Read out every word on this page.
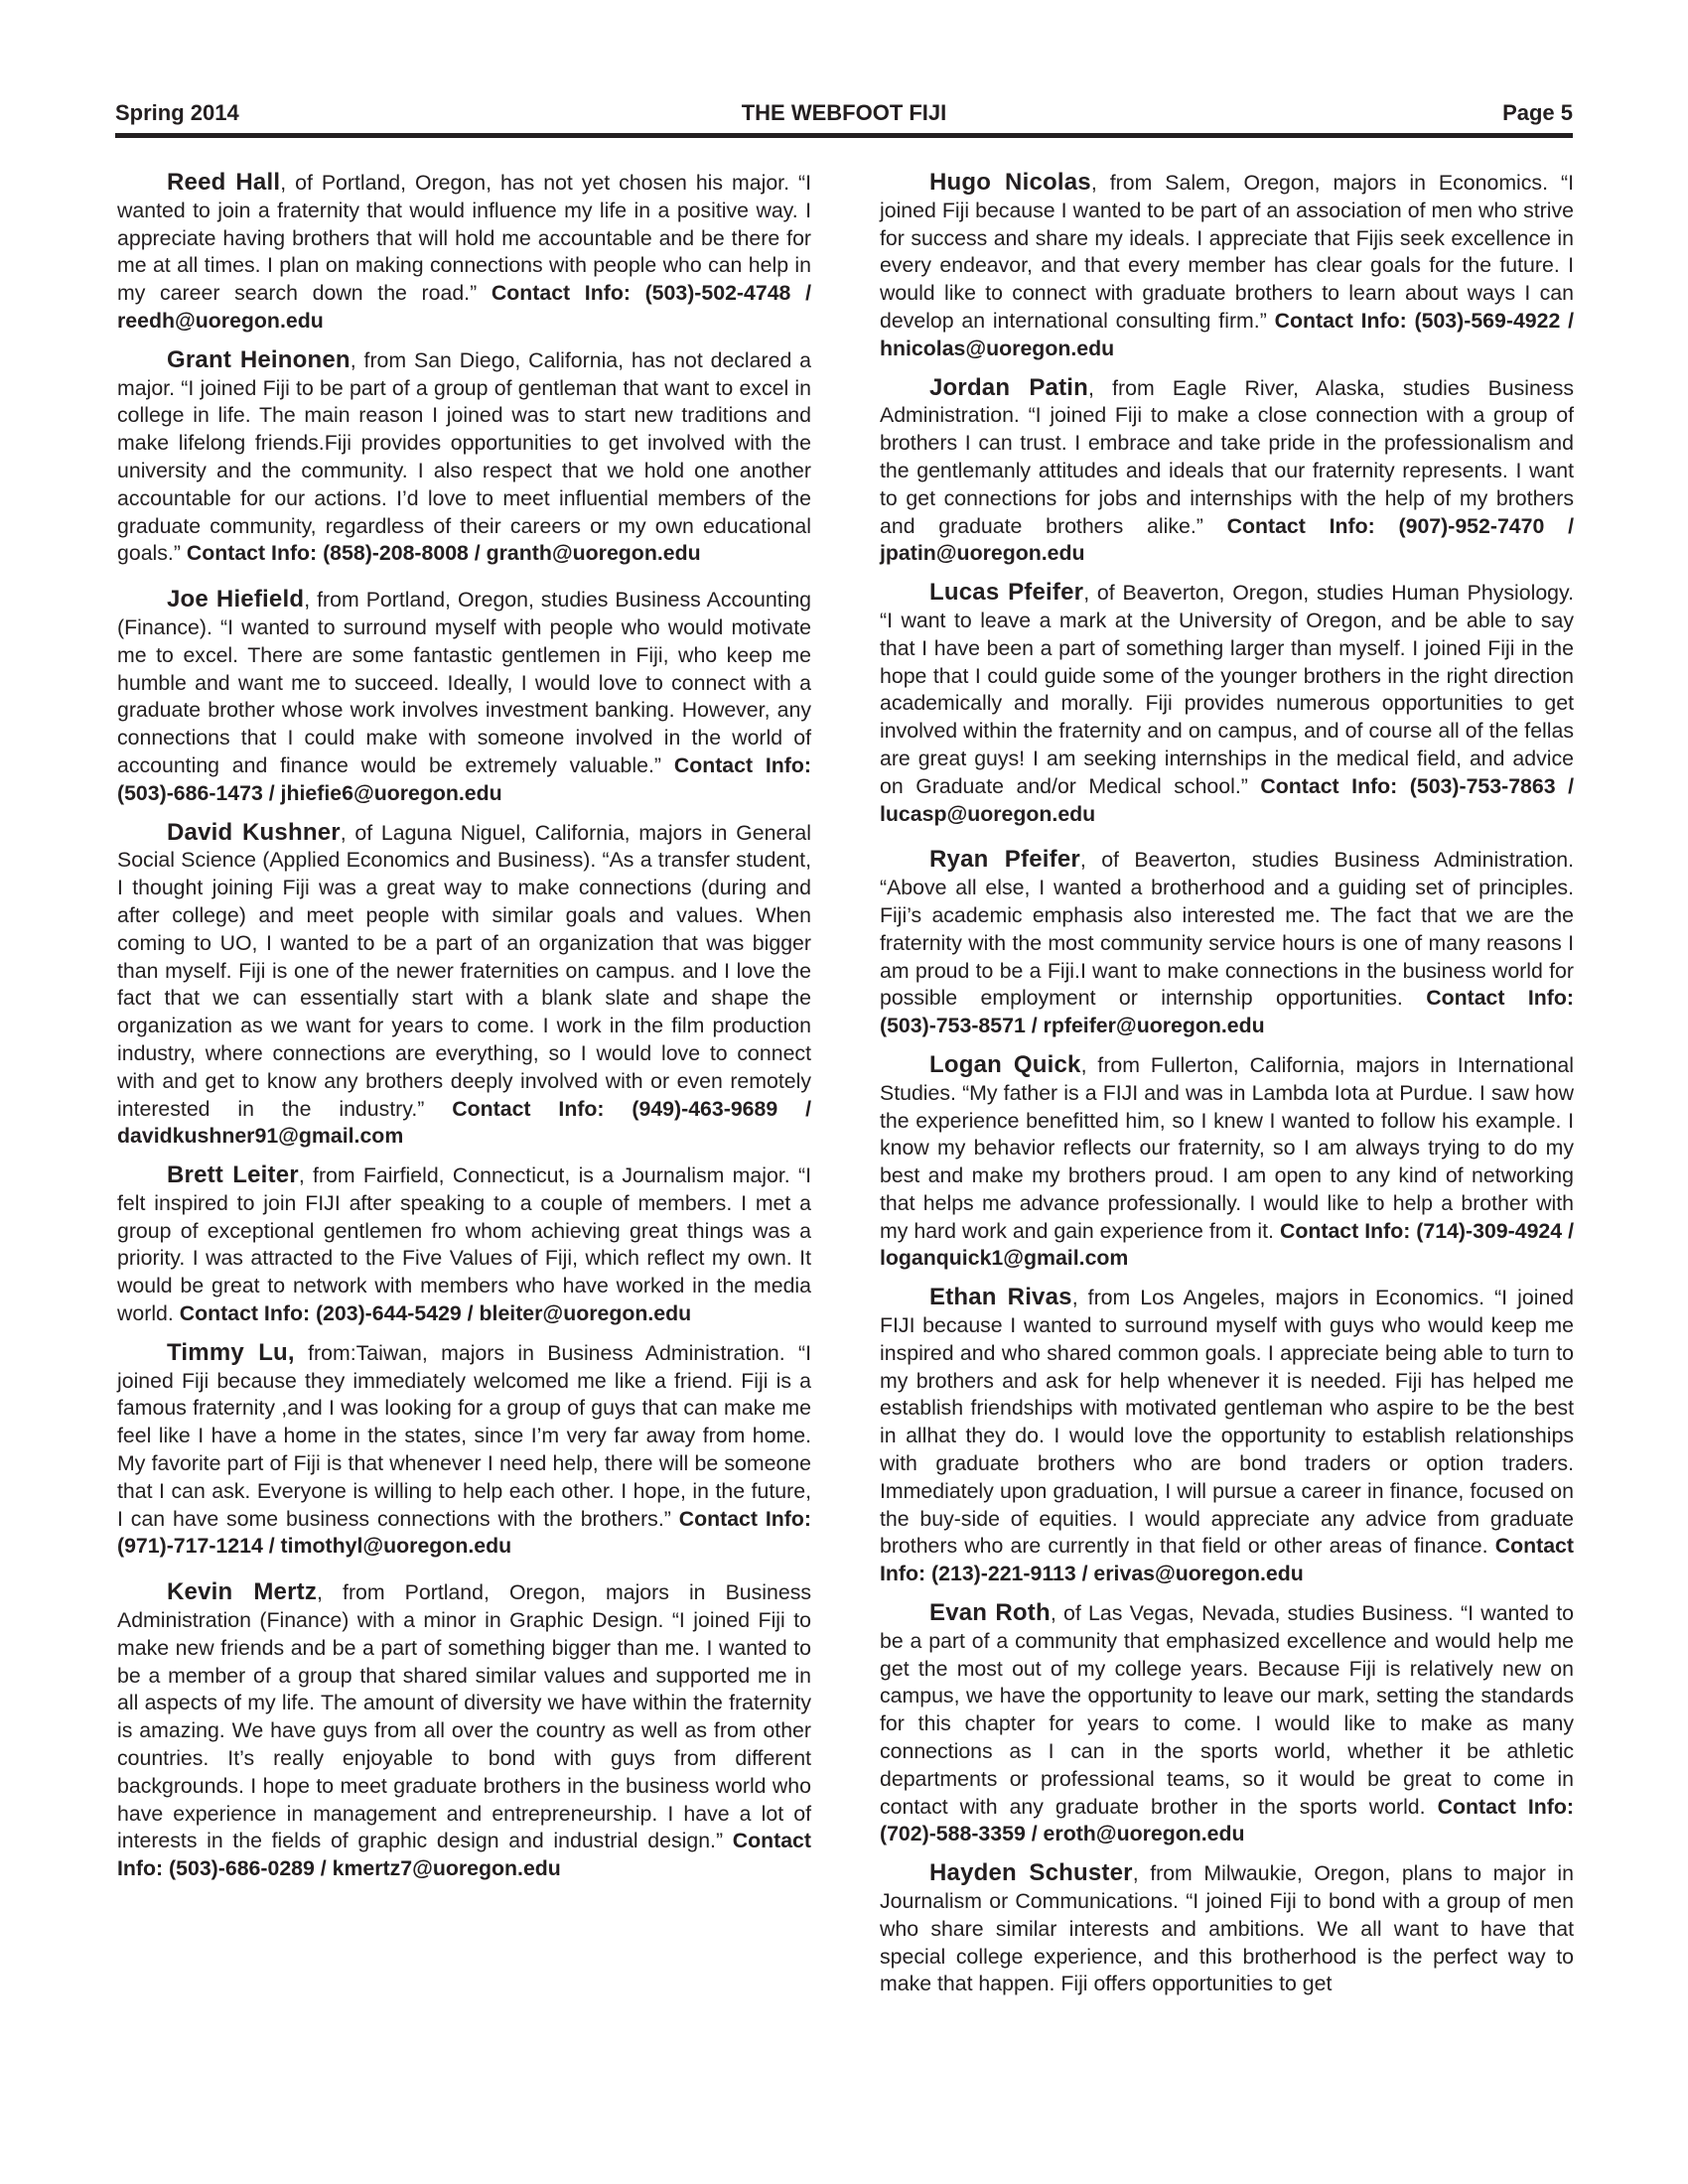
Spring 2014	THE WEBFOOT FIJI	Page 5

Reed Hall, of Portland, Oregon, has not yet chosen his major. “I wanted to join a fraternity that would influence my life in a positive way. I appreciate having brothers that will hold me accountable and be there for me at all times. I plan on making connections with people who can help in my career search down the road.” Contact Info: (503)-502-4748 / reedh@uoregon.edu

Grant Heinonen, from San Diego, California, has not declared a major. “I joined Fiji to be part of a group of gentleman that want to excel in college in life. The main reason I joined was to start new traditions and make lifelong friends.Fiji provides opportunities to get involved with the university and the community. I also respect that we hold one another accountable for our actions. I’d love to meet influential members of the graduate community, regardless of their careers or my own educational goals.” Contact Info: (858)-208-8008 / granth@uoregon.edu

Joe Hiefield, from Portland, Oregon, studies Business Accounting (Finance). “I wanted to surround myself with people who would motivate me to excel. There are some fantastic gentlemen in Fiji, who keep me humble and want me to succeed. Ideally, I would love to connect with a graduate brother whose work involves investment banking. However, any connections that I could make with someone involved in the world of accounting and finance would be extremely valuable.” Contact Info: (503)-686-1473 / jhiefie6@uoregon.edu

David Kushner, of Laguna Niguel, California, majors in General Social Science (Applied Economics and Business). “As a transfer student, I thought joining Fiji was a great way to make connections (during and after college) and meet people with similar goals and values. When coming to UO, I wanted to be a part of an organization that was bigger than myself. Fiji is one of the newer fraternities on campus. and I love the fact that we can essentially start with a blank slate and shape the organization as we want for years to come. I work in the film production industry, where connections are everything, so I would love to connect with and get to know any brothers deeply involved with or even remotely interested in the industry.” Contact Info: (949)-463-9689 / davidkushner91@gmail.com

Brett Leiter, from Fairfield, Connecticut, is a Journalism major. “I felt inspired to join FIJI after speaking to a couple of members. I met a group of exceptional gentlemen fro whom achieving great things was a priority. I was attracted to the Five Values of Fiji, which reflect my own. It would be great to network with members who have worked in the media world. Contact Info: (203)-644-5429 / bleiter@uoregon.edu

Timmy Lu, from:Taiwan, majors in Business Administration. “I joined Fiji because they immediately welcomed me like a friend. Fiji is a famous fraternity ,and I was looking for a group of guys that can make me feel like I have a home in the states, since I’m very far away from home. My favorite part of Fiji is that whenever I need help, there will be someone that I can ask. Everyone is willing to help each other. I hope, in the future, I can have some business connections with the brothers.” Contact Info: (971)-717-1214 / timothyl@uoregon.edu

Kevin Mertz, from Portland, Oregon, majors in Business Administration (Finance) with a minor in Graphic Design. “I joined Fiji to make new friends and be a part of something bigger than me. I wanted to be a member of a group that shared similar values and supported me in all aspects of my life. The amount of diversity we have within the fraternity is amazing. We have guys from all over the country as well as from other countries. It’s really enjoyable to bond with guys from different backgrounds. I hope to meet graduate brothers in the business world who have experience in management and entrepreneurship. I have a lot of interests in the fields of graphic design and industrial design.” Contact Info: (503)-686-0289 / kmertz7@uoregon.edu

Hugo Nicolas, from Salem, Oregon, majors in Economics. “I joined Fiji because I wanted to be part of an association of men who strive for success and share my ideals. I appreciate that Fijis seek excellence in every endeavor, and that every member has clear goals for the future. I would like to connect with graduate brothers to learn about ways I can develop an international consulting firm.” Contact Info: (503)-569-4922 / hnicolas@uoregon.edu

Jordan Patin, from Eagle River, Alaska, studies Business Administration. “I joined Fiji to make a close connection with a group of brothers I can trust. I embrace and take pride in the professionalism and the gentlemanly attitudes and ideals that our fraternity represents. I want to get connections for jobs and internships with the help of my brothers and graduate brothers alike.” Contact Info: (907)-952-7470 / jpatin@uoregon.edu

Lucas Pfeifer, of Beaverton, Oregon, studies Human Physiology. “I want to leave a mark at the University of Oregon, and be able to say that I have been a part of something larger than myself. I joined Fiji in the hope that I could guide some of the younger brothers in the right direction academically and morally. Fiji provides numerous opportunities to get involved within the fraternity and on campus, and of course all of the fellas are great guys! I am seeking internships in the medical field, and advice on Graduate and/or Medical school.” Contact Info: (503)-753-7863 / lucasp@uoregon.edu

Ryan Pfeifer, of Beaverton, studies Business Administration. “Above all else, I wanted a brotherhood and a guiding set of principles. Fiji’s academic emphasis also interested me. The fact that we are the fraternity with the most community service hours is one of many reasons I am proud to be a Fiji.I want to make connections in the business world for possible employment or internship opportunities. Contact Info: (503)-753-8571 / rpfeifer@uoregon.edu

Logan Quick, from Fullerton, California, majors in International Studies. “My father is a FIJI and was in Lambda Iota at Purdue. I saw how the experience benefitted him, so I knew I wanted to follow his example. I know my behavior reflects our fraternity, so I am always trying to do my best and make my brothers proud. I am open to any kind of networking that helps me advance professionally. I would like to help a brother with my hard work and gain experience from it. Contact Info: (714)-309-4924 / loganquick1@gmail.com

Ethan Rivas, from Los Angeles, majors in Economics. “I joined FIJI because I wanted to surround myself with guys who would keep me inspired and who shared common goals. I appreciate being able to turn to my brothers and ask for help whenever it is needed. Fiji has helped me establish friendships with motivated gentleman who aspire to be the best in allhat they do. I would love the opportunity to establish relationships with graduate brothers who are bond traders or option traders. Immediately upon graduation, I will pursue a career in finance, focused on the buy-side of equities. I would appreciate any advice from graduate brothers who are currently in that field or other areas of finance. Contact Info: (213)-221-9113 / erivas@uoregon.edu

Evan Roth, of Las Vegas, Nevada, studies Business. “I wanted to be a part of a community that emphasized excellence and would help me get the most out of my college years. Because Fiji is relatively new on campus, we have the opportunity to leave our mark, setting the standards for this chapter for years to come. I would like to make as many connections as I can in the sports world, whether it be athletic departments or professional teams, so it would be great to come in contact with any graduate brother in the sports world. Contact Info: (702)-588-3359 / eroth@uoregon.edu

Hayden Schuster, from Milwaukie, Oregon, plans to major in Journalism or Communications. “I joined Fiji to bond with a group of men who share similar interests and ambitions. We all want to have that special college experience, and this brotherhood is the perfect way to make that happen. Fiji offers opportunities to get
